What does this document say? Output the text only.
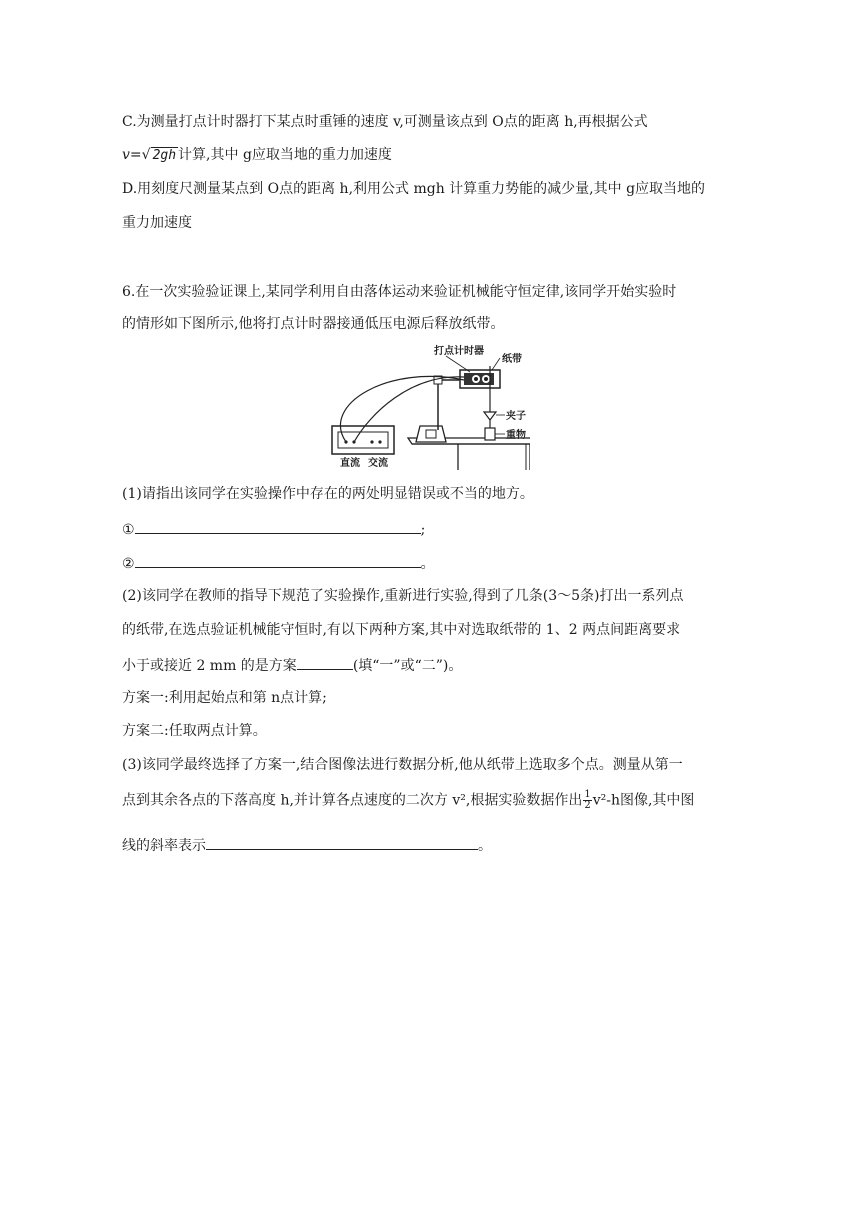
C.为测量打点计时器打下某点时重锤的速度 v,可测量该点到 O点的距离 h,再根据公式
v=√ 2gh 计算,其中 g应取当地的重力加速度
D.用刻度尺测量某点到 O点的距离 h,利用公式 mgh 计算重力势能的减少量,其中 g应取当地的
重力加速度
6.在一次实验验证课上,某同学利用自由落体运动来验证机械能守恒定律,该同学开始实验时
的情形如下图所示,他将打点计时器接通低压电源后释放纸带。
打点计时器
纸带
夹子
重物
直流 交流
(1)请指出该同学在实验操作中存在的两处明显错误或不当的地方。
①	;
②	。
(2)该同学在教师的指导下规范了实验操作,重新进行实验,得到了几条(3～5条)打出一系列点
的纸带,在选点验证机械能守恒时,有以下两种方案,其中对选取纸带的 1、2 两点间距离要求
小于或接近 2 mm 的是方案	(填“一”或“二”)。
方案一:利用起始点和第 n点计算;
方案二:任取两点计算。
(3)该同学最终选择了方案一,结合图像法进行数据分析,他从纸带上选取多个点。测量从第一
点到其余各点的下落高度 h,并计算各点速度的二次方 v²,根据实验数据作出 $\frac{1}{2} v^2-h$图像,其中图
线的斜率表示	。
